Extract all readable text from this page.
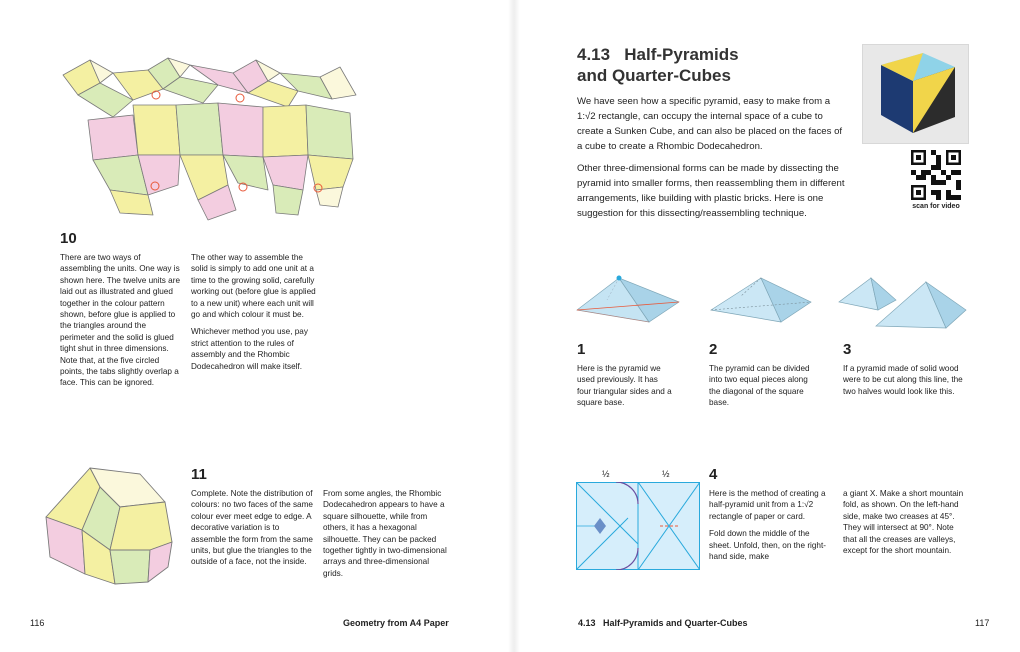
10

There are two ways of assembling the units. One way is shown here. The twelve units are laid out as illustrated and glued together in the colour pattern shown, before glue is applied to the triangles around the perimeter and the solid is glued tight shut in three dimensions. Note that, at the five circled points, the tabs slightly overlap a face. This can be ignored.

The other way to assemble the solid is simply to add one unit at a time to the growing solid, carefully working out (before glue is applied to a new unit) where each unit will go and which colour it must be.

Whichever method you use, pay strict attention to the rules of assembly and the Rhombic Dodecahedron will make itself.

11

Complete. Note the distribution of colours: no two faces of the same colour ever meet edge to edge. A decorative variation is to assemble the form from the same units, but glue the triangles to the outside of a face, not the inside.

From some angles, the Rhombic Dodecahedron appears to have a square silhouette, while from others, it has a hexagonal silhouette. They can be packed together tightly in two-dimensional arrays and three-dimensional grids.

116	Geometry from A4 Paper
4.13   Half-Pyramids
and Quarter-Cubes

We have seen how a specific pyramid, easy to make from a 1:√2 rectangle, can occupy the internal space of a cube to create a Sunken Cube, and can also be placed on the faces of a cube to create a Rhombic Dodecahedron.

Other three-dimensional forms can be made by dissecting the pyramid into smaller forms, then reassembling them in different arrangements, like building with plastic bricks. Here is one suggestion for this dissecting/reassembling technique.

scan for video
1

Here is the pyramid we used previously. It has four triangular sides and a square base.

2

The pyramid can be divided into two equal pieces along the diagonal of the square base.

3

If a pyramid made of solid wood were to be cut along this line, the two halves would look like this.

½	½	4

Here is the method of creating a half-pyramid unit from a 1:√2 rectangle of paper or card.

Fold down the middle of the sheet. Unfold, then, on the right-hand side, make

a giant X. Make a short mountain fold, as shown. On the left-hand side, make two creases at 45°. They will intersect at 90°. Note that all the creases are valleys, except for the short mountain.

4.13 Half-Pyramids and Quarter-Cubes	117
